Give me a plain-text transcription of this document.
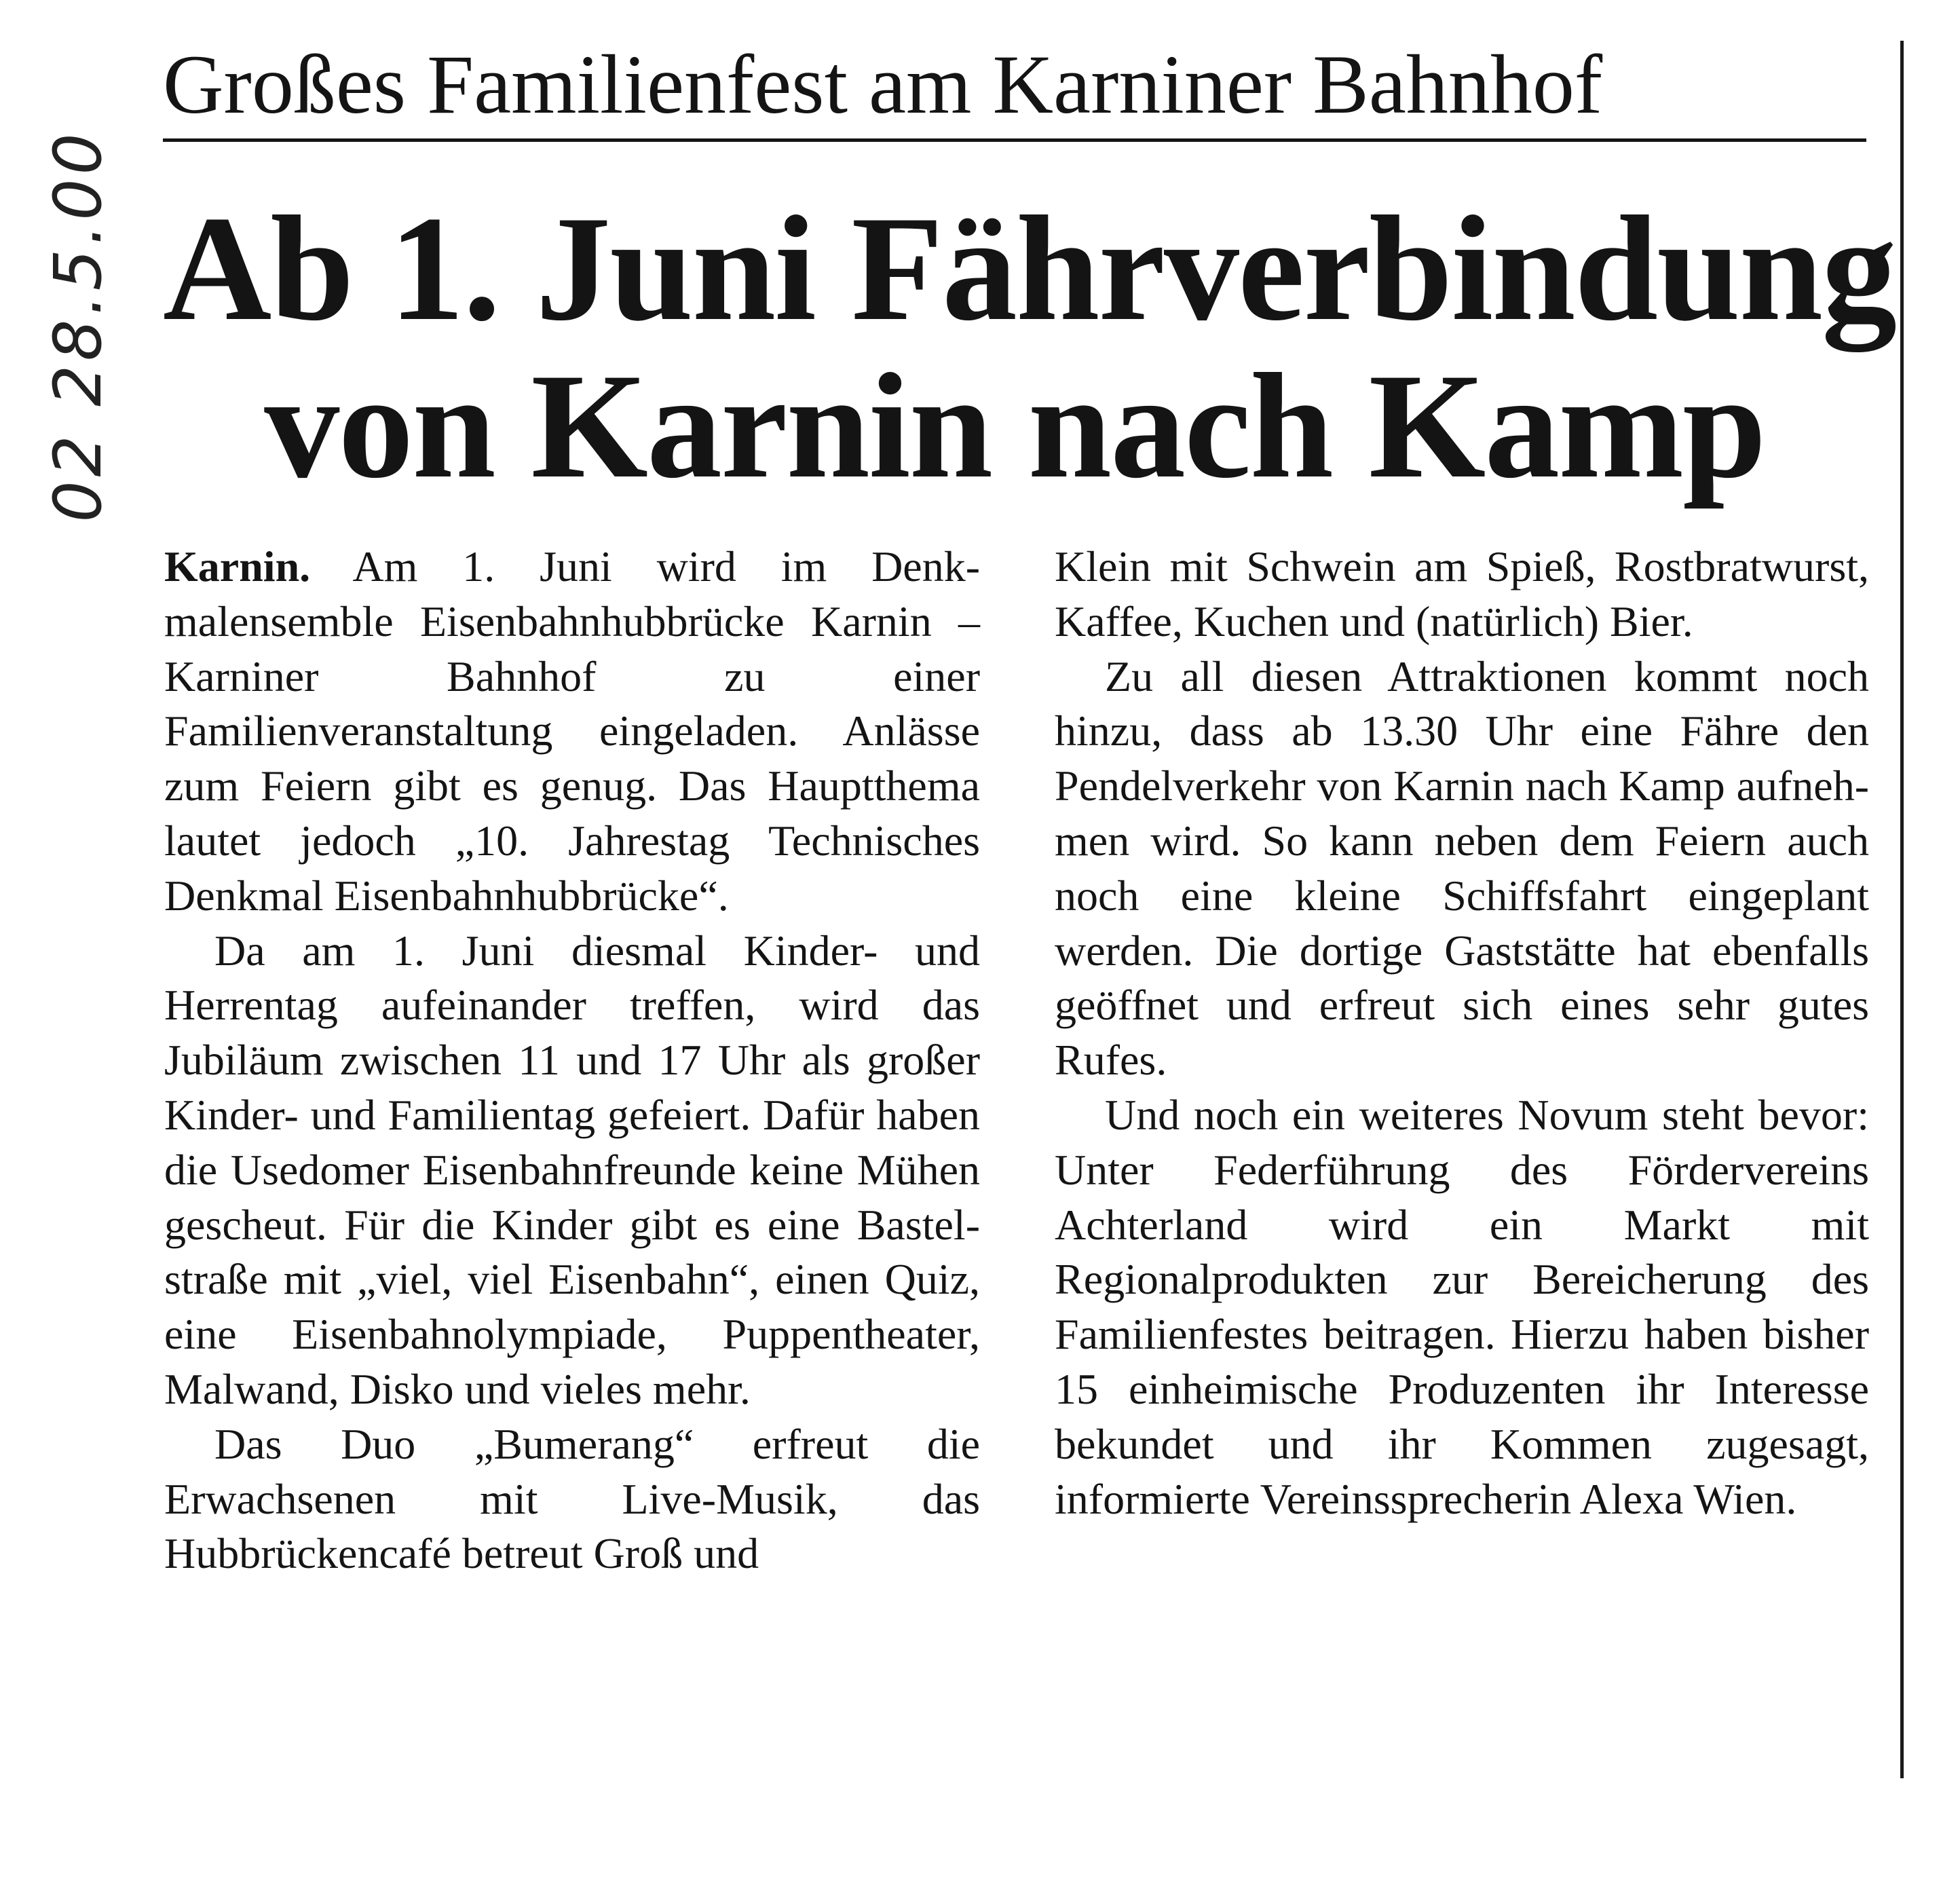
02 28.5.00
Großes Familienfest am Karniner Bahnhof
Ab 1. Juni Fährverbindung
von Karnin nach Kamp

Karnin. Am 1. Juni wird im Denkmalensemble Eisenbahnhubbrücke Karnin – Karniner Bahnhof zu einer Familienveranstaltung eingeladen. Anlässe zum Feiern gibt es genug. Das Hauptthema lautet jedoch „10. Jahrestag Technisches Denkmal Eisenbahnhubbrücke“.

Da am 1. Juni diesmal Kinder- und Herrentag aufeinander treffen, wird das Jubiläum zwischen 11 und 17 Uhr als großer Kinder- und Familientag gefeiert. Dafür haben die Usedomer Eisenbahnfreunde keine Mühen gescheut. Für die Kinder gibt es eine Bastelstraße mit „viel, viel Eisenbahn“, einen Quiz, eine Eisenbahnolympiade, Puppentheater, Malwand, Disko und vieles mehr.

Das Duo „Bumerang“ erfreut die Erwachsenen mit Live-Musik, das Hubbrückencafé betreut Groß und

Klein mit Schwein am Spieß, Rostbratwurst, Kaffee, Kuchen und (natürlich) Bier.

Zu all diesen Attraktionen kommt noch hinzu, dass ab 13.30 Uhr eine Fähre den Pendelverkehr von Karnin nach Kamp aufnehmen wird. So kann neben dem Feiern auch noch eine kleine Schiffsfahrt eingeplant werden. Die dortige Gaststätte hat ebenfalls geöffnet und erfreut sich eines sehr gutes Rufes.

Und noch ein weiteres Novum steht bevor: Unter Federführung des Fördervereins Achterland wird ein Markt mit Regionalprodukten zur Bereicherung des Familienfestes beitragen. Hierzu haben bisher 15 einheimische Produzenten ihr Interesse bekundet und ihr Kommen zugesagt, informierte Vereinssprecherin Alexa Wien.
